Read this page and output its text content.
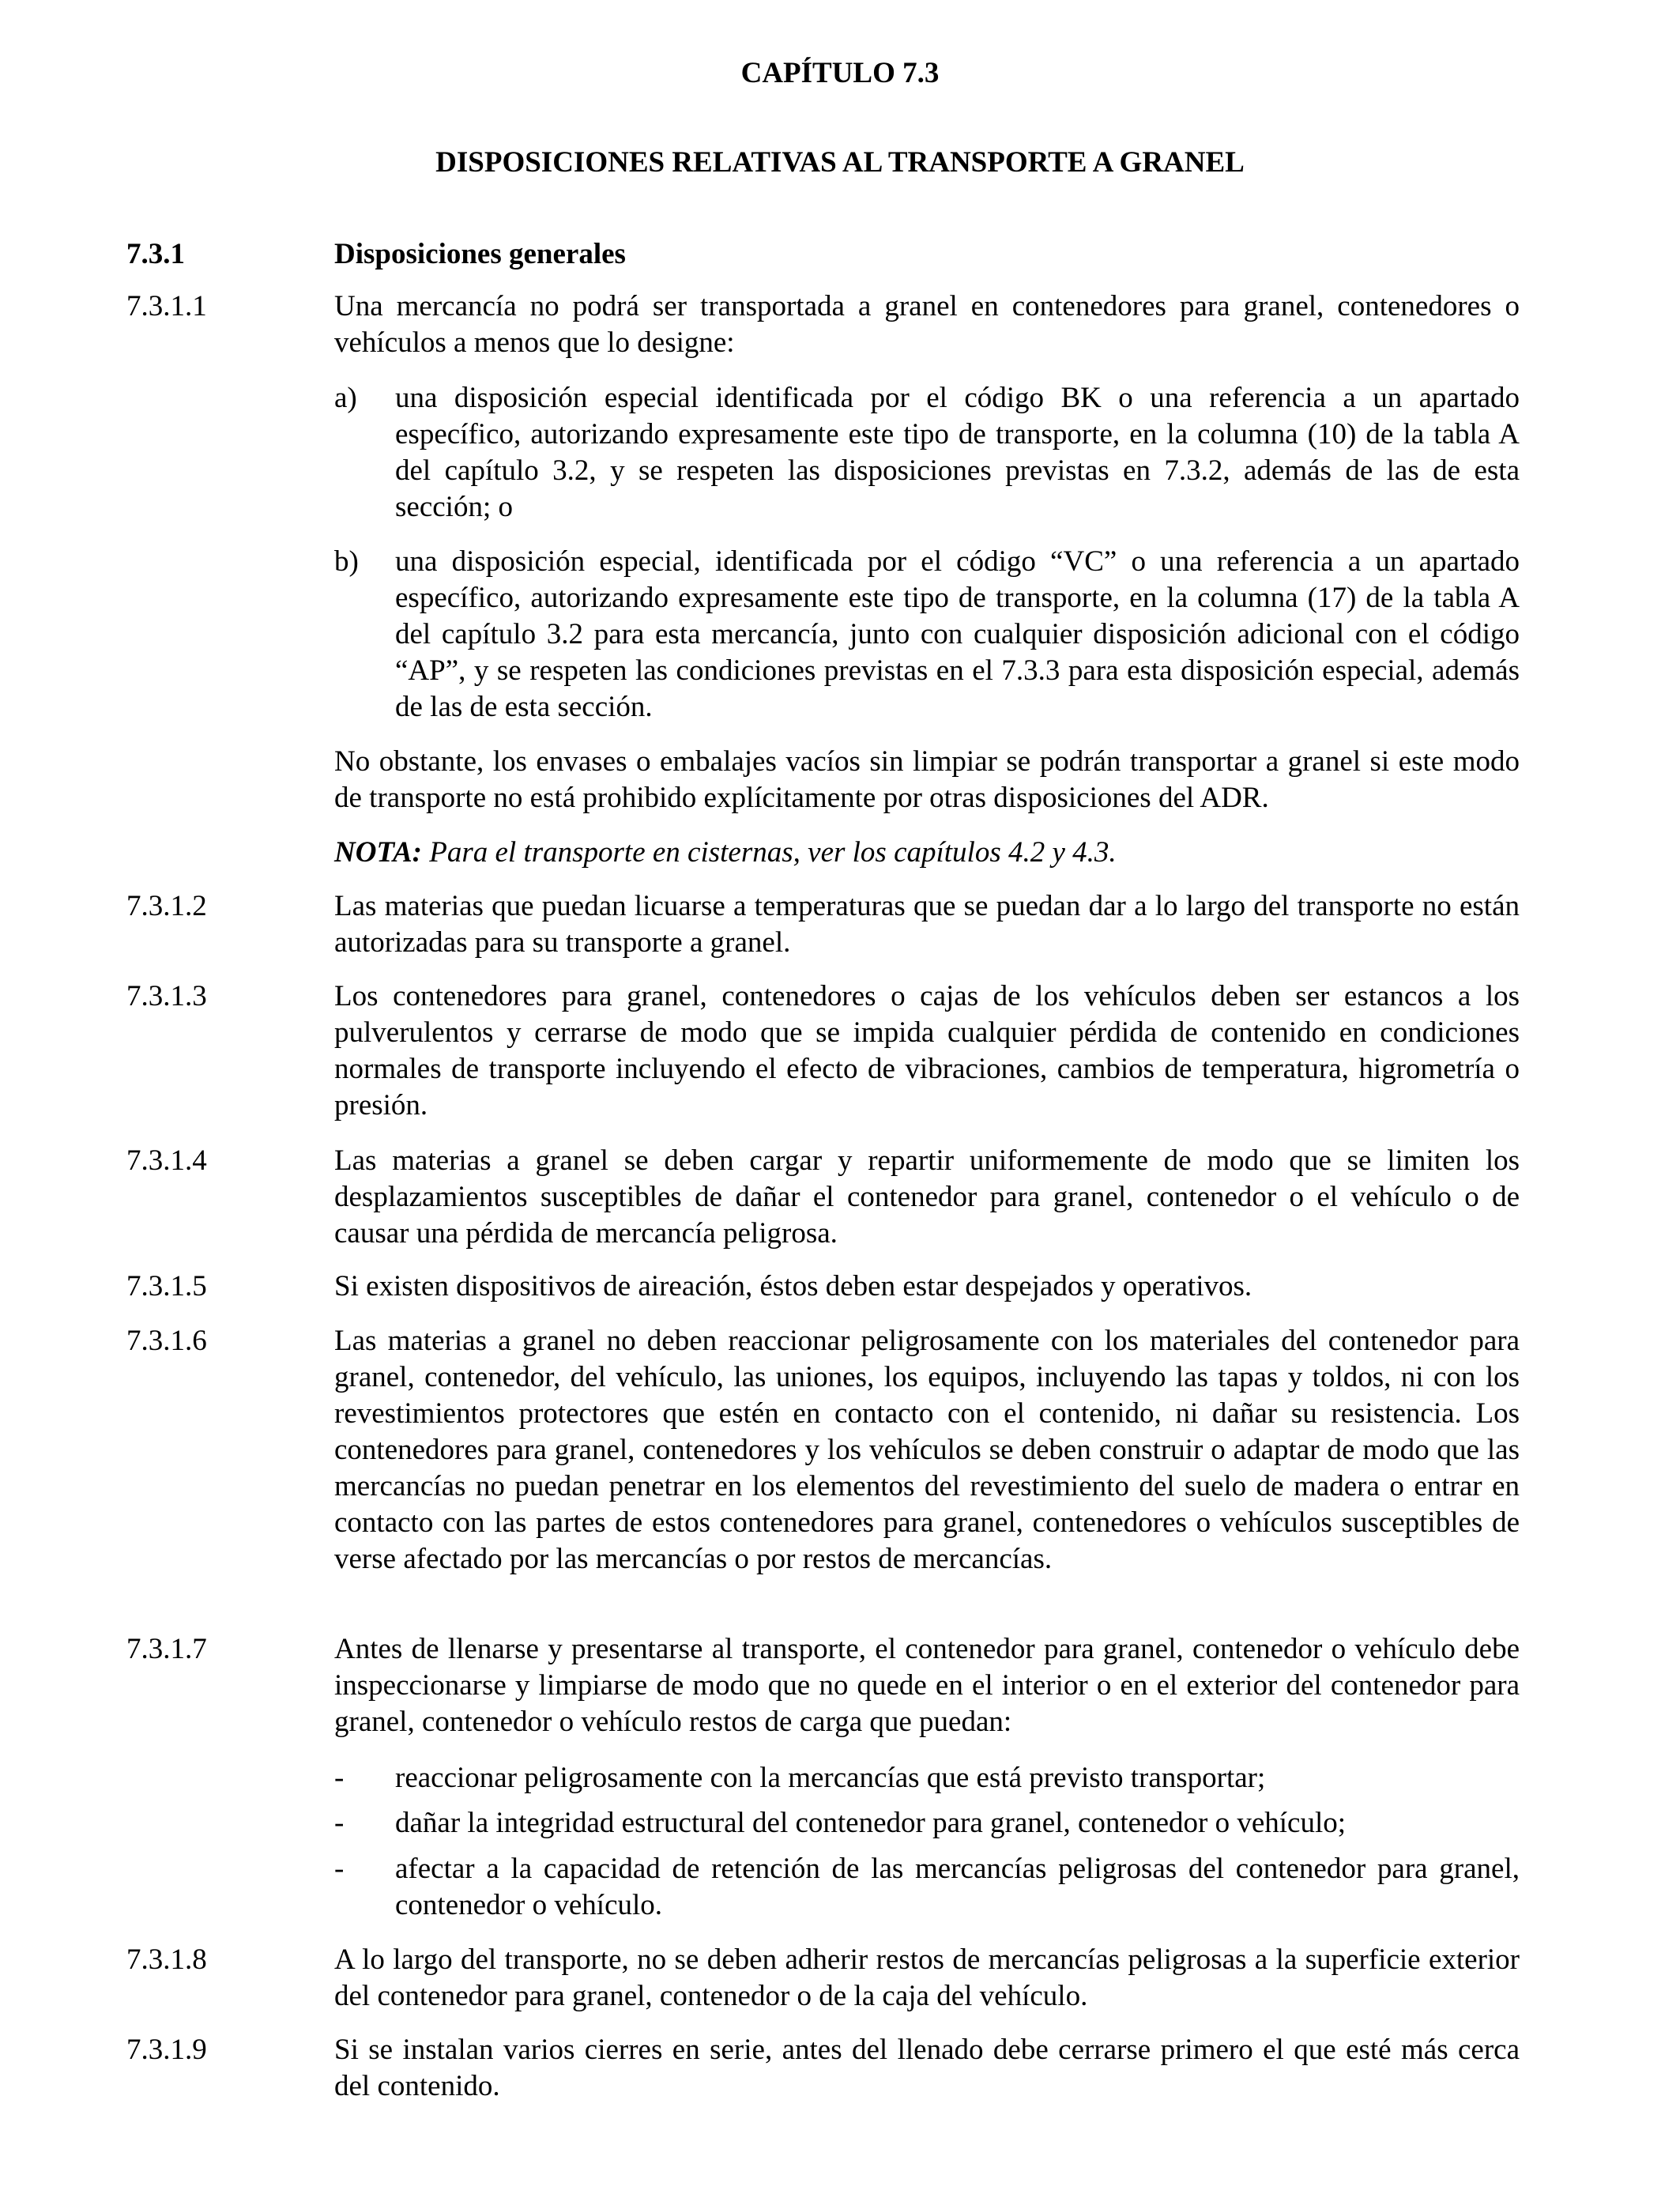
CAPÍTULO 7.3
DISPOSICIONES RELATIVAS AL TRANSPORTE A GRANEL
7.3.1	Disposiciones generales
7.3.1.1	Una mercancía no podrá ser transportada a granel en contenedores para granel, contenedores o vehículos a menos que lo designe:
a) una disposición especial identificada por el código BK o una referencia a un apartado específico, autorizando expresamente este tipo de transporte, en la columna (10) de la tabla A del capítulo 3.2, y se respeten las disposiciones previstas en 7.3.2, además de las de esta sección; o
b) una disposición especial, identificada por el código “VC” o una referencia a un apartado específico, autorizando expresamente este tipo de transporte, en la columna (17) de la tabla A del capítulo 3.2 para esta mercancía, junto con cualquier disposición adicional con el código “AP”, y se respeten las condiciones previstas en el 7.3.3 para esta disposición especial, además de las de esta sección.
No obstante, los envases o embalajes vacíos sin limpiar se podrán transportar a granel si este modo de transporte no está prohibido explícitamente por otras disposiciones del ADR.
NOTA: Para el transporte en cisternas, ver los capítulos 4.2 y 4.3.
7.3.1.2	Las materias que puedan licuarse a temperaturas que se puedan dar a lo largo del transporte no están autorizadas para su transporte a granel.
7.3.1.3	Los contenedores para granel, contenedores o cajas de los vehículos deben ser estancos a los pulverulentos y cerrarse de modo que se impida cualquier pérdida de contenido en condiciones normales de transporte incluyendo el efecto de vibraciones, cambios de temperatura, higrometría o presión.
7.3.1.4	Las materias a granel se deben cargar y repartir uniformemente de modo que se limiten los desplazamientos susceptibles de dañar el contenedor para granel, contenedor o el vehículo o de causar una pérdida de mercancía peligrosa.
7.3.1.5	Si existen dispositivos de aireación, éstos deben estar despejados y operativos.
7.3.1.6	Las materias a granel no deben reaccionar peligrosamente con los materiales del contenedor para granel, contenedor, del vehículo, las uniones, los equipos, incluyendo las tapas y toldos, ni con los revestimientos protectores que estén en contacto con el contenido, ni dañar su resistencia. Los contenedores para granel, contenedores y los vehículos se deben construir o adaptar de modo que las mercancías no puedan penetrar en los elementos del revestimiento del suelo de madera o entrar en contacto con las partes de estos contenedores para granel, contenedores o vehículos susceptibles de verse afectado por las mercancías o por restos de mercancías.
7.3.1.7	Antes de llenarse y presentarse al transporte, el contenedor para granel, contenedor o vehículo debe inspeccionarse y limpiarse de modo que no quede en el interior o en el exterior del contenedor para granel, contenedor o vehículo restos de carga que puedan:
- reaccionar peligrosamente con la mercancías que está previsto transportar;
- dañar la integridad estructural del contenedor para granel, contenedor o vehículo;
- afectar a la capacidad de retención de las mercancías peligrosas del contenedor para granel, contenedor o vehículo.
7.3.1.8	A lo largo del transporte, no se deben adherir restos de mercancías peligrosas a la superficie exterior del contenedor para granel, contenedor o de la caja del vehículo.
7.3.1.9	Si se instalan varios cierres en serie, antes del llenado debe cerrarse primero el que esté más cerca del contenido.
